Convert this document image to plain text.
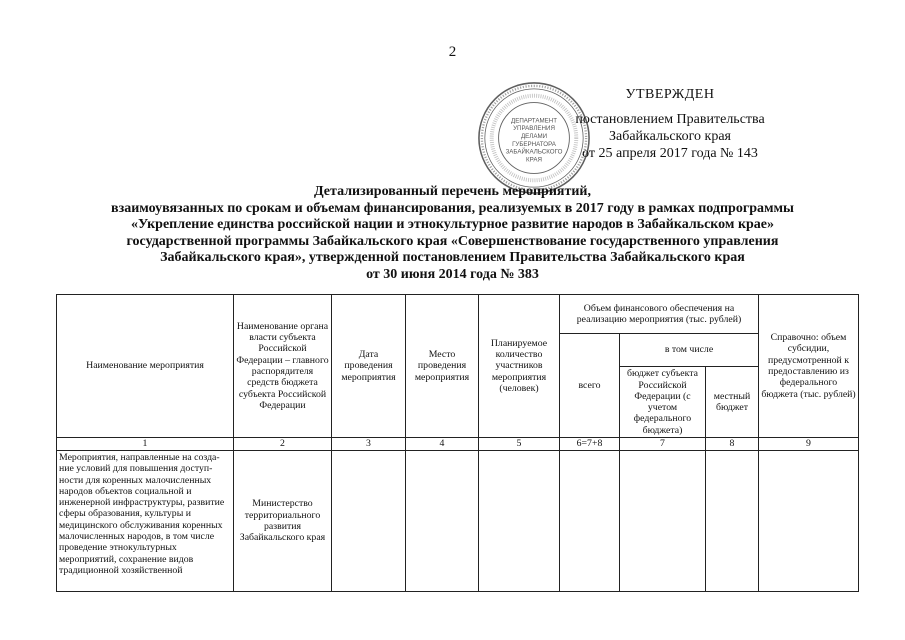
2
ДЕПАРТАМЕНТ
УПРАВЛЕНИЯ
ДЕЛАМИ
ГУБЕРНАТОРА
ЗАБАЙКАЛЬСКОГО
КРАЯ
УТВЕРЖДЕН
постановлением Правительства
Забайкальского края
от 25 апреля 2017 года № 143
Детализированный перечень мероприятий,
взаимоувязанных по срокам и объемам финансирования, реализуемых в 2017 году в рамках подпрограммы
«Укрепление единства российской нации и этнокультурное развитие народов в Забайкальском крае»
государственной программы Забайкальского края «Совершенствование государственного управления
Забайкальского края», утвержденной постановлением Правительства Забайкальского края
от 30 июня 2014 года № 383
Наименование мероприятия	Наименование органа власти субъекта Российской Федерации – главного распорядителя средств бюджета субъекта Российской Федерации	Дата проведения мероприятия	Место проведения мероприятия	Планируемое количество участников мероприятия (человек)	Объем финансового обеспечения на реализацию мероприятия (тыс. рублей)			Справочно: объем субсидии, предусмотренной к предоставлению из федерального бюджета (тыс. рублей)
					всего	в том числе		
						бюджет субъекта Российской Федерации (с учетом федерального бюджета)	местный бюджет	
1	2	3	4	5	6=7+8	7	8	9
Мероприятия, направленные на созда-ние условий для повышения доступ-ности для коренных малочисленных народов объектов социальной и инженерной инфраструктуры, развитие сферы образования, культуры и медицинского обслуживания коренных малочисленных народов, в том числе проведение этнокультурных мероприятий, сохранение видов традиционной хозяйственной	Министерство территориального развития Забайкальского края							
